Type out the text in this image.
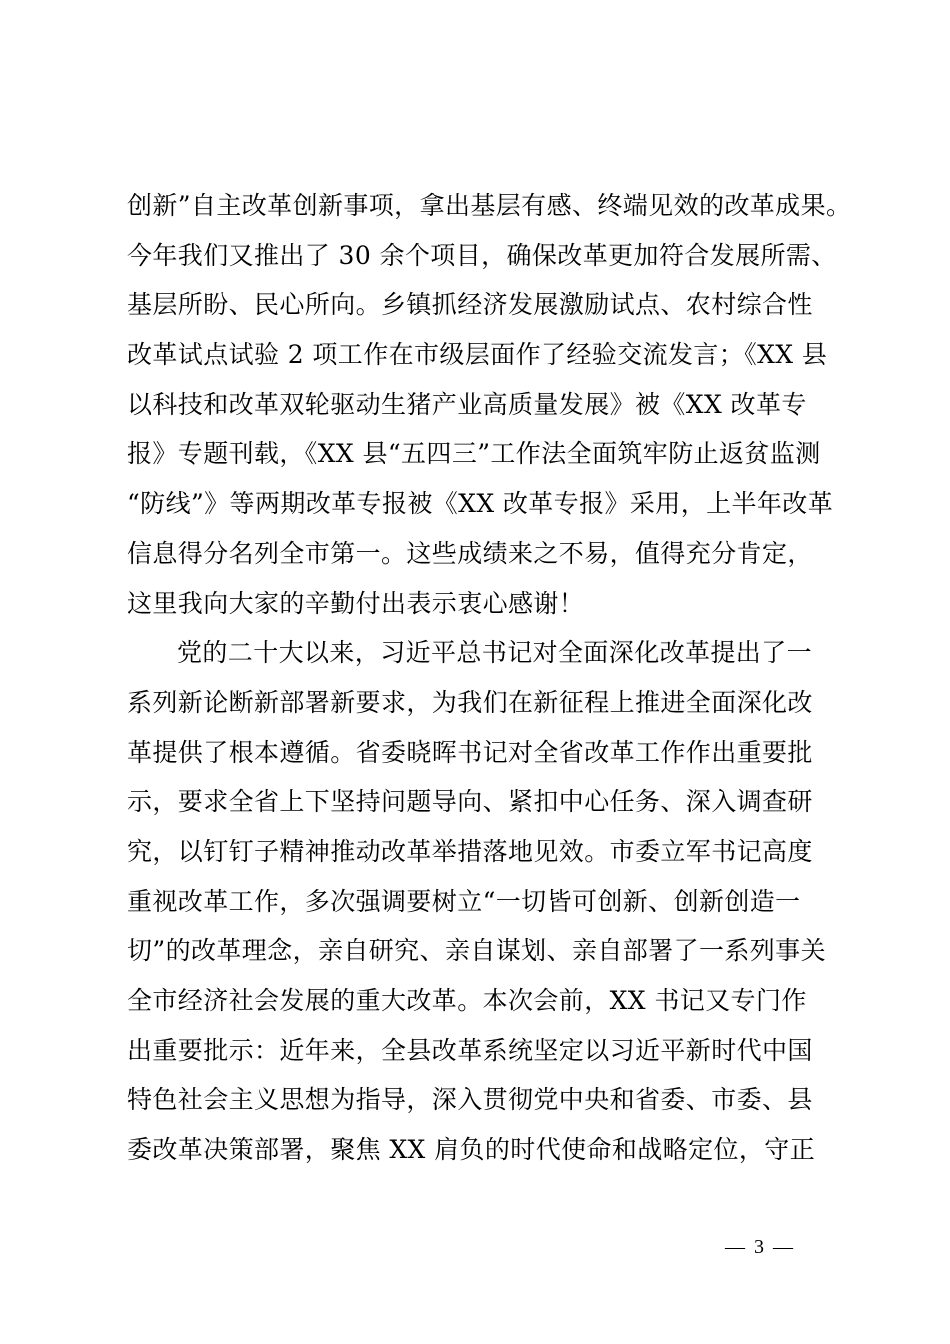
创新”自主改革创新事项，拿出基层有感、终端见效的改革成果。
今年我们又推出了 30 余个项目，确保改革更加符合发展所需、
基层所盼、民心所向。乡镇抓经济发展激励试点、农村综合性
改革试点试验 2 项工作在市级层面作了经验交流发言；《XX 县
以科技和改革双轮驱动生猪产业高质量发展》被《XX 改革专
报》专题刊载，《XX 县“五四三”工作法全面筑牢防止返贫监测
“防线”》等两期改革专报被《XX 改革专报》采用，上半年改革
信息得分名列全市第一。这些成绩来之不易，值得充分肯定，
这里我向大家的辛勤付出表示衷心感谢！
党的二十大以来，习近平总书记对全面深化改革提出了一
系列新论断新部署新要求，为我们在新征程上推进全面深化改
革提供了根本遵循。省委晓晖书记对全省改革工作作出重要批
示，要求全省上下坚持问题导向、紧扣中心任务、深入调查研
究，以钉钉子精神推动改革举措落地见效。市委立军书记高度
重视改革工作，多次强调要树立“一切皆可创新、创新创造一
切”的改革理念，亲自研究、亲自谋划、亲自部署了一系列事关
全市经济社会发展的重大改革。本次会前，XX 书记又专门作
出重要批示：近年来，全县改革系统坚定以习近平新时代中国
特色社会主义思想为指导，深入贯彻党中央和省委、市委、县
委改革决策部署，聚焦 XX 肩负的时代使命和战略定位，守正
— 3 —
